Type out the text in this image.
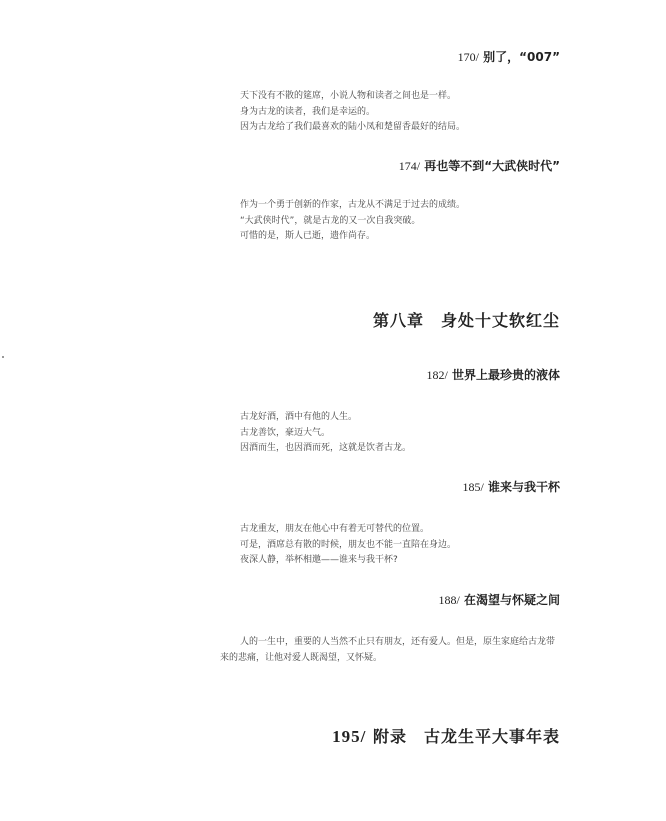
170/ 别了，“007”
天下没有不散的筵席，小说人物和读者之间也是一样。
身为古龙的读者，我们是幸运的。
因为古龙给了我们最喜欢的陆小凤和楚留香最好的结局。
174/ 再也等不到“大武侠时代”
作为一个勇于创新的作家，古龙从不满足于过去的成绩。
“大武侠时代”，就是古龙的又一次自我突破。
可惜的是，斯人已逝，遗作尚存。
第八章　身处十丈软红尘
182/ 世界上最珍贵的液体
古龙好酒，酒中有他的人生。
古龙善饮，豪迈大气。
因酒而生，也因酒而死，这就是饮者古龙。
185/ 谁来与我干杯
古龙重友，朋友在他心中有着无可替代的位置。
可是，酒席总有散的时候，朋友也不能一直陪在身边。
夜深人静，举杯相邀——谁来与我干杯?
188/ 在渴望与怀疑之间
人的一生中，重要的人当然不止只有朋友，还有爱人。但是，原生家庭给古龙带来的悲痛，让他对爱人既渴望，又怀疑。
195/ 附录　古龙生平大事年表
